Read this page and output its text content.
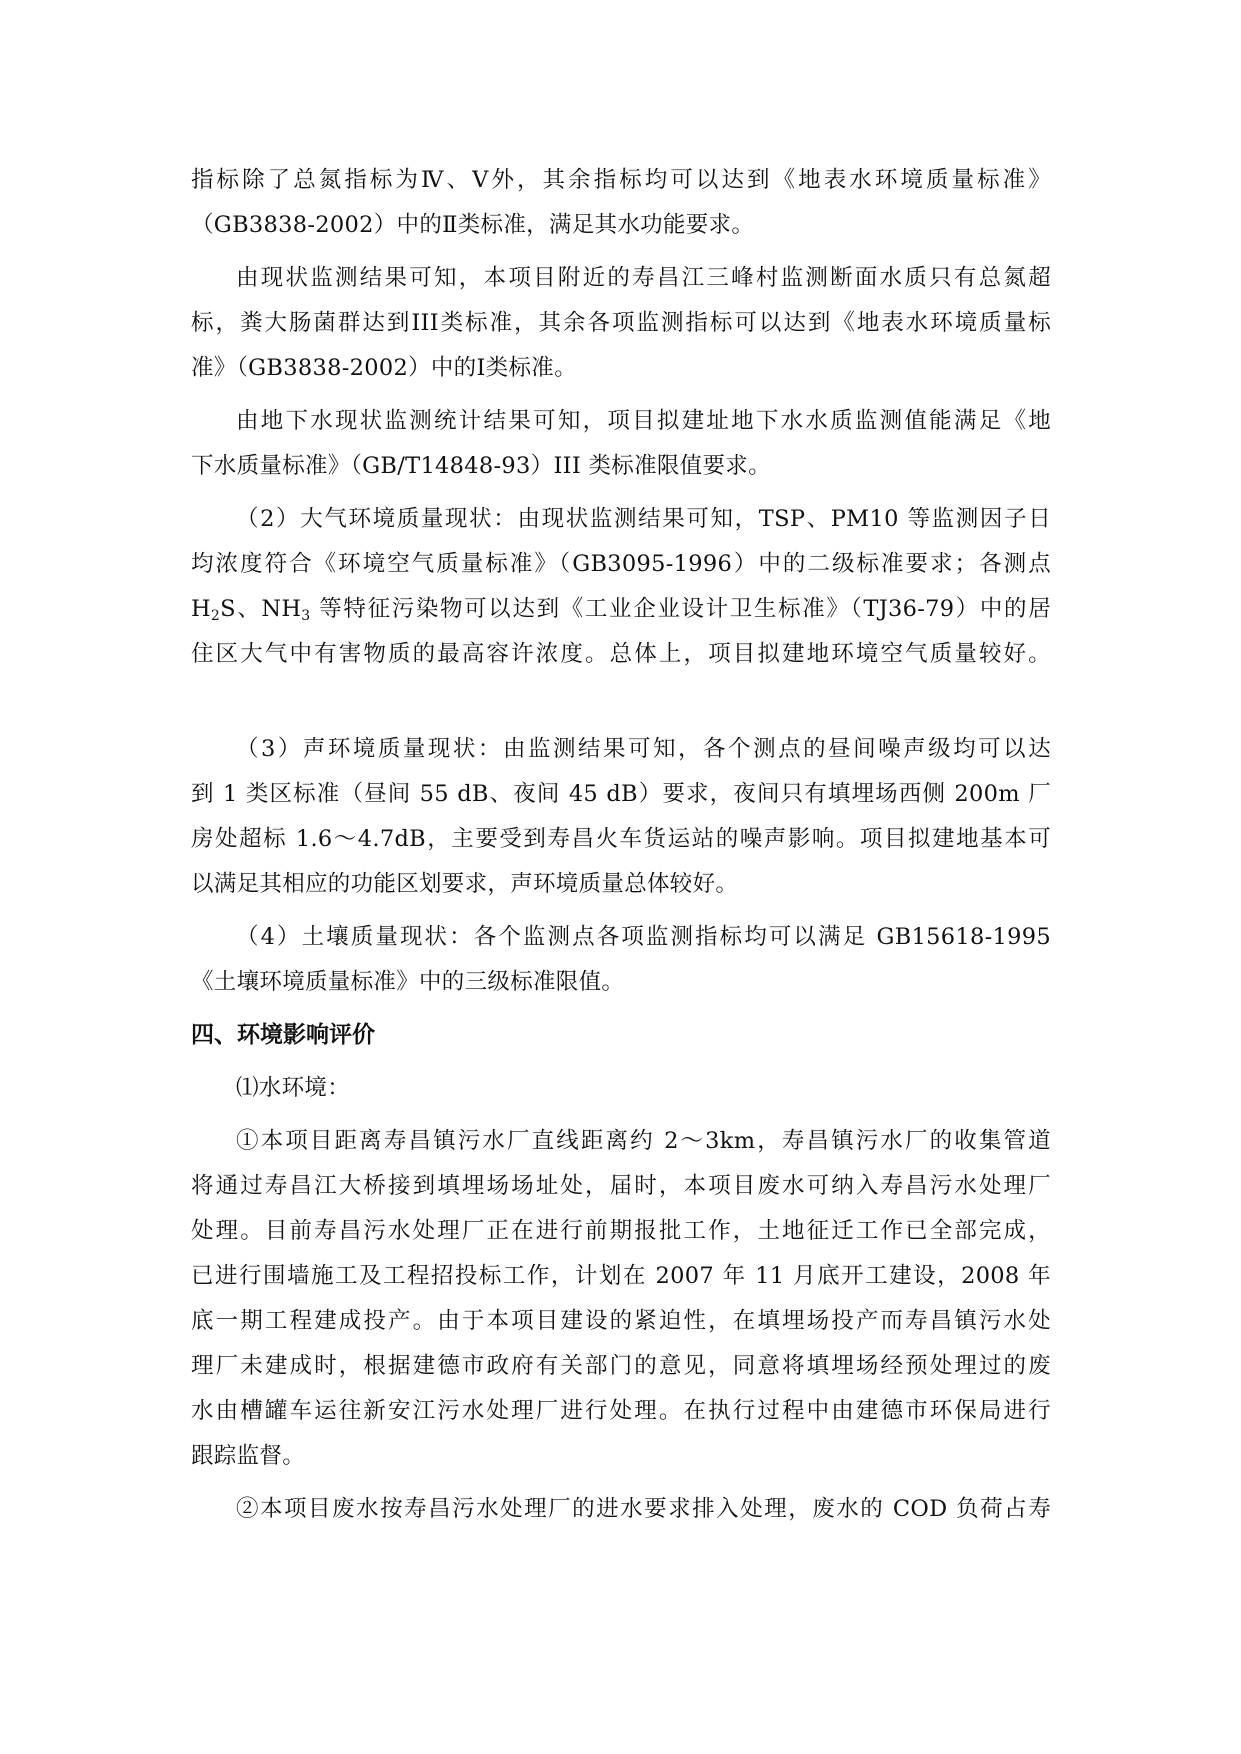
指标除了总氮指标为Ⅳ、Ⅴ外，其余指标均可以达到《地表水环境质量标准》
（GB3838-2002）中的Ⅱ类标准，满足其水功能要求。
由现状监测结果可知，本项目附近的寿昌江三峰村监测断面水质只有总氮超
标，粪大肠菌群达到III类标准，其余各项监测指标可以达到《地表水环境质量标
准》（GB3838-2002）中的Ⅰ类标准。
由地下水现状监测统计结果可知，项目拟建址地下水水质监测值能满足《地
下水质量标准》（GB/T14848-93）III 类标准限值要求。
（2）大气环境质量现状：由现状监测结果可知，TSP、PM10 等监测因子日
均浓度符合《环境空气质量标准》（GB3095-1996）中的二级标准要求；各测点
$H_2S$、$NH_3$ 等特征污染物可以达到《工业企业设计卫生标准》（TJ36-79）中的居
住区大气中有害物质的最高容许浓度。总体上，项目拟建地环境空气质量较好。
（3）声环境质量现状：由监测结果可知，各个测点的昼间噪声级均可以达
到 1 类区标准（昼间 55 dB、夜间 45 dB）要求，夜间只有填埋场西侧 200m 厂
房处超标 1.6～4.7dB，主要受到寿昌火车货运站的噪声影响。项目拟建地基本可
以满足其相应的功能区划要求，声环境质量总体较好。
（4）土壤质量现状：各个监测点各项监测指标均可以满足 GB15618-1995
《土壤环境质量标准》中的三级标准限值。
四、环境影响评价
⑴水环境：
①本项目距离寿昌镇污水厂直线距离约 2～3km，寿昌镇污水厂的收集管道
将通过寿昌江大桥接到填埋场场址处，届时，本项目废水可纳入寿昌污水处理厂
处理。目前寿昌污水处理厂正在进行前期报批工作，土地征迁工作已全部完成，
已进行围墙施工及工程招投标工作，计划在 2007 年 11 月底开工建设，2008 年
底一期工程建成投产。由于本项目建设的紧迫性，在填埋场投产而寿昌镇污水处
理厂未建成时，根据建德市政府有关部门的意见，同意将填埋场经预处理过的废
水由槽罐车运往新安江污水处理厂进行处理。在执行过程中由建德市环保局进行
跟踪监督。
②本项目废水按寿昌污水处理厂的进水要求排入处理，废水的 COD 负荷占寿
